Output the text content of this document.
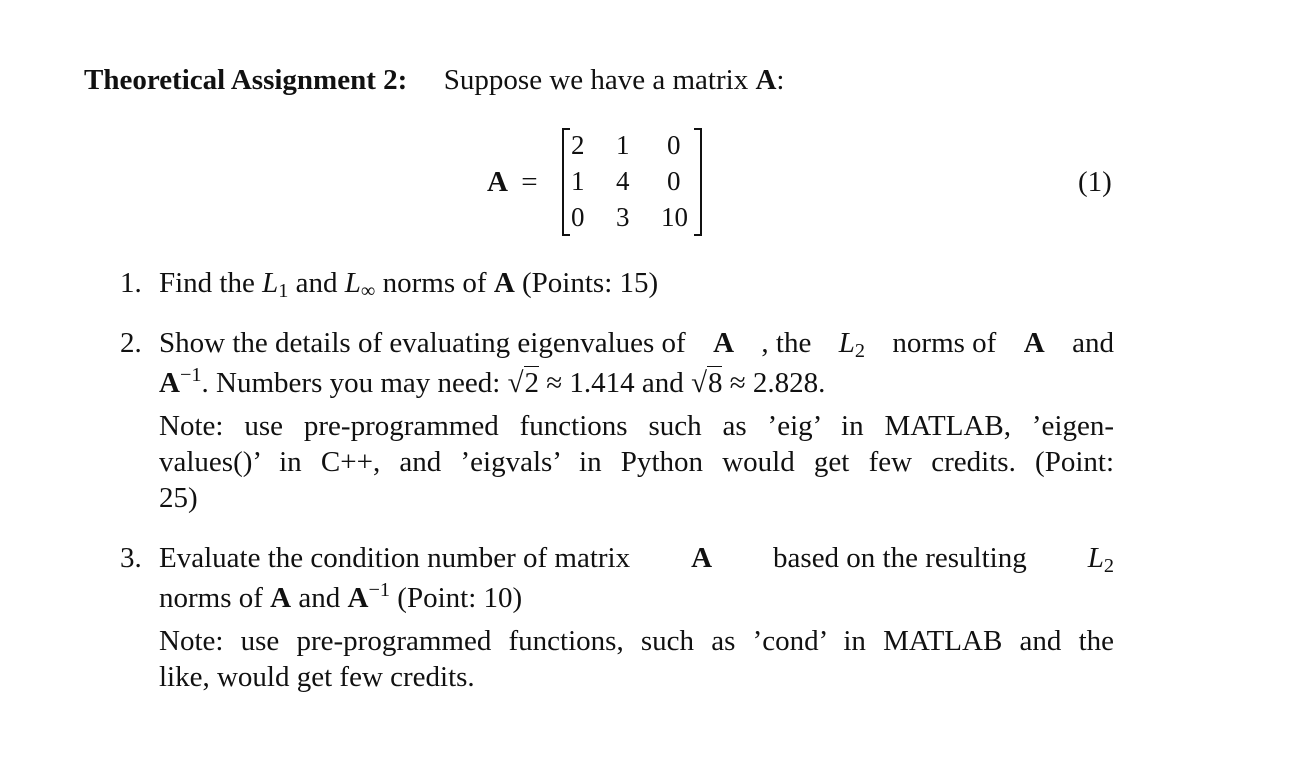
Theoretical Assignment 2: Suppose we have a matrix A:
A =
2 1 0
1 4 0
0 3 10
(1)
1. Find the $L_1$ and $L_\infty$ norms of A (Points: 15)
2. Show the details of evaluating eigenvalues of A , the $L_2$ norms of A and
$A^{-1}$. Numbers you may need: √2 ≈ 1.414 and √8 ≈ 2.828.
Note: use pre-programmed functions such as ’eig’ in MATLAB, ’eigen-
values()’ in C++, and ’eigvals’ in Python would get few credits. (Point:
25)
3. Evaluate the condition number of matrix A based on the resulting $L_2$
norms of A and $A^{-1}$ (Point: 10)
Note: use pre-programmed functions, such as ’cond’ in MATLAB and the
like, would get few credits.
